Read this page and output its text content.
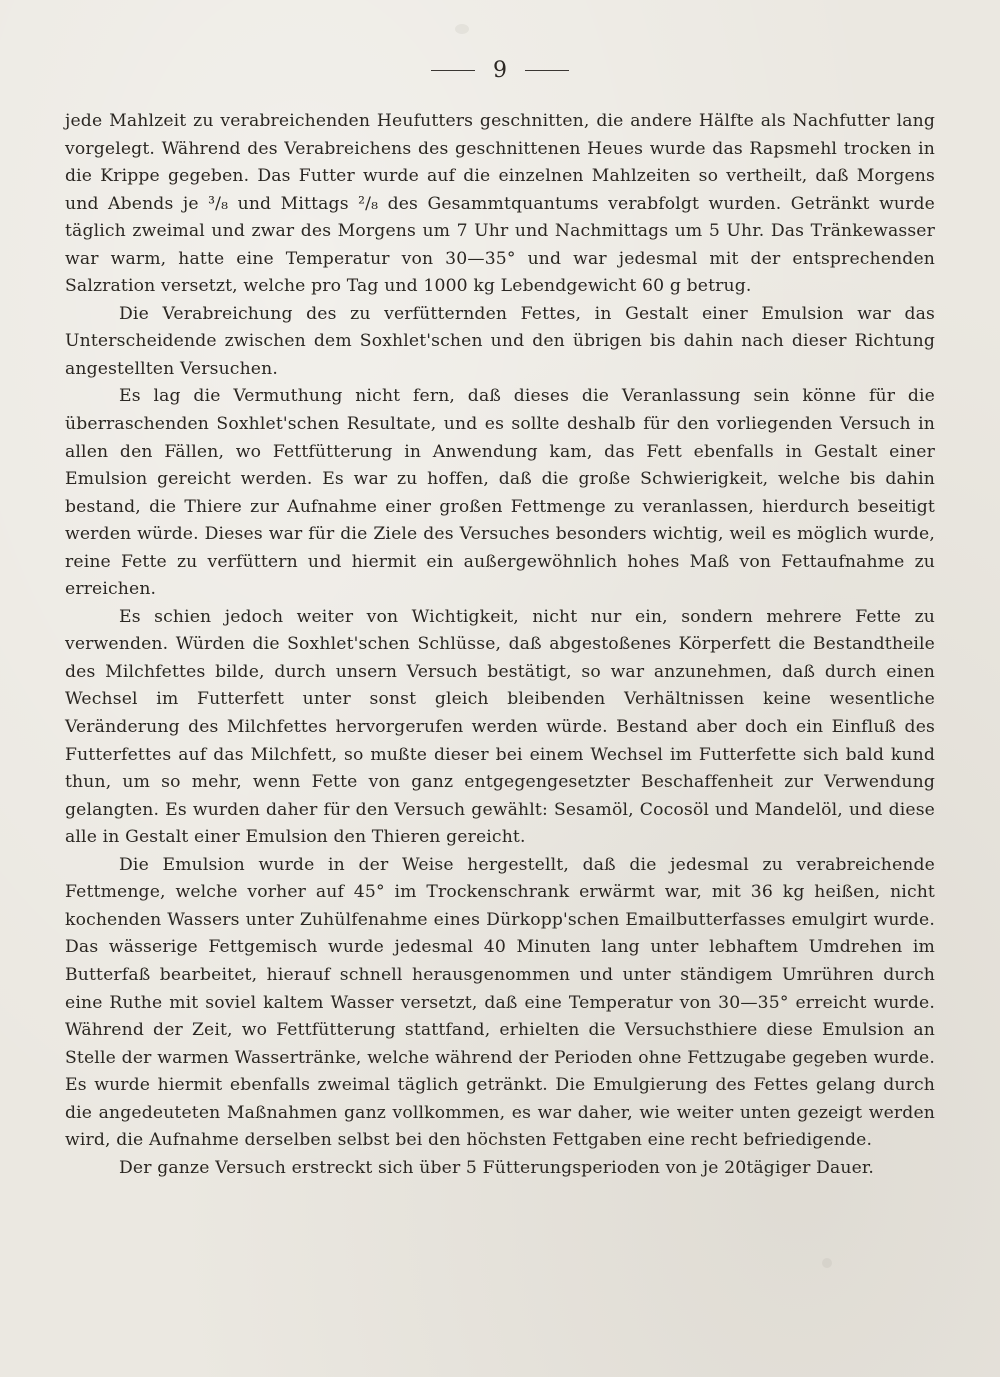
9

jede Mahlzeit zu verabreichenden Heufutters geschnitten, die andere Hälfte als Nachfutter lang vorgelegt. Während des Verabreichens des geschnittenen Heues wurde das Rapsmehl trocken in die Krippe gegeben. Das Futter wurde auf die einzelnen Mahlzeiten so vertheilt, daß Morgens und Abends je ³/₈ und Mittags ²/₈ des Gesammtquantums verabfolgt wurden. Getränkt wurde täglich zweimal und zwar des Morgens um 7 Uhr und Nachmittags um 5 Uhr. Das Tränkewasser war warm, hatte eine Temperatur von 30—35° und war jedesmal mit der entsprechenden Salzration versetzt, welche pro Tag und 1000 kg Lebendgewicht 60 g betrug.

Die Verabreichung des zu verfütternden Fettes, in Gestalt einer Emulsion war das Unterscheidende zwischen dem Soxhlet'schen und den übrigen bis dahin nach dieser Richtung angestellten Versuchen.

Es lag die Vermuthung nicht fern, daß dieses die Veranlassung sein könne für die überraschenden Soxhlet'schen Resultate, und es sollte deshalb für den vorliegenden Versuch in allen den Fällen, wo Fettfütterung in Anwendung kam, das Fett ebenfalls in Gestalt einer Emulsion gereicht werden. Es war zu hoffen, daß die große Schwierigkeit, welche bis dahin bestand, die Thiere zur Aufnahme einer großen Fettmenge zu veranlassen, hierdurch beseitigt werden würde. Dieses war für die Ziele des Versuches besonders wichtig, weil es möglich wurde, reine Fette zu verfüttern und hiermit ein außergewöhnlich hohes Maß von Fettaufnahme zu erreichen.

Es schien jedoch weiter von Wichtigkeit, nicht nur ein, sondern mehrere Fette zu verwenden. Würden die Soxhlet'schen Schlüsse, daß abgestoßenes Körperfett die Bestandtheile des Milchfettes bilde, durch unsern Versuch bestätigt, so war anzunehmen, daß durch einen Wechsel im Futterfett unter sonst gleich bleibenden Verhältnissen keine wesentliche Veränderung des Milchfettes hervorgerufen werden würde. Bestand aber doch ein Einfluß des Futterfettes auf das Milchfett, so mußte dieser bei einem Wechsel im Futterfette sich bald kund thun, um so mehr, wenn Fette von ganz entgegengesetzter Beschaffenheit zur Verwendung gelangten. Es wurden daher für den Versuch gewählt: Sesamöl, Cocosöl und Mandelöl, und diese alle in Gestalt einer Emulsion den Thieren gereicht.

Die Emulsion wurde in der Weise hergestellt, daß die jedesmal zu verabreichende Fettmenge, welche vorher auf 45° im Trockenschrank erwärmt war, mit 36 kg heißen, nicht kochenden Wassers unter Zuhülfenahme eines Dürkopp'schen Emailbutterfasses emulgirt wurde. Das wässerige Fettgemisch wurde jedesmal 40 Minuten lang unter lebhaftem Umdrehen im Butterfaß bearbeitet, hierauf schnell herausgenommen und unter ständigem Umrühren durch eine Ruthe mit soviel kaltem Wasser versetzt, daß eine Temperatur von 30—35° erreicht wurde. Während der Zeit, wo Fettfütterung stattfand, erhielten die Versuchsthiere diese Emulsion an Stelle der warmen Wassertränke, welche während der Perioden ohne Fettzugabe gegeben wurde. Es wurde hiermit ebenfalls zweimal täglich getränkt. Die Emulgierung des Fettes gelang durch die angedeuteten Maßnahmen ganz vollkommen, es war daher, wie weiter unten gezeigt werden wird, die Aufnahme derselben selbst bei den höchsten Fettgaben eine recht befriedigende.

Der ganze Versuch erstreckt sich über 5 Fütterungsperioden von je 20tägiger Dauer.
